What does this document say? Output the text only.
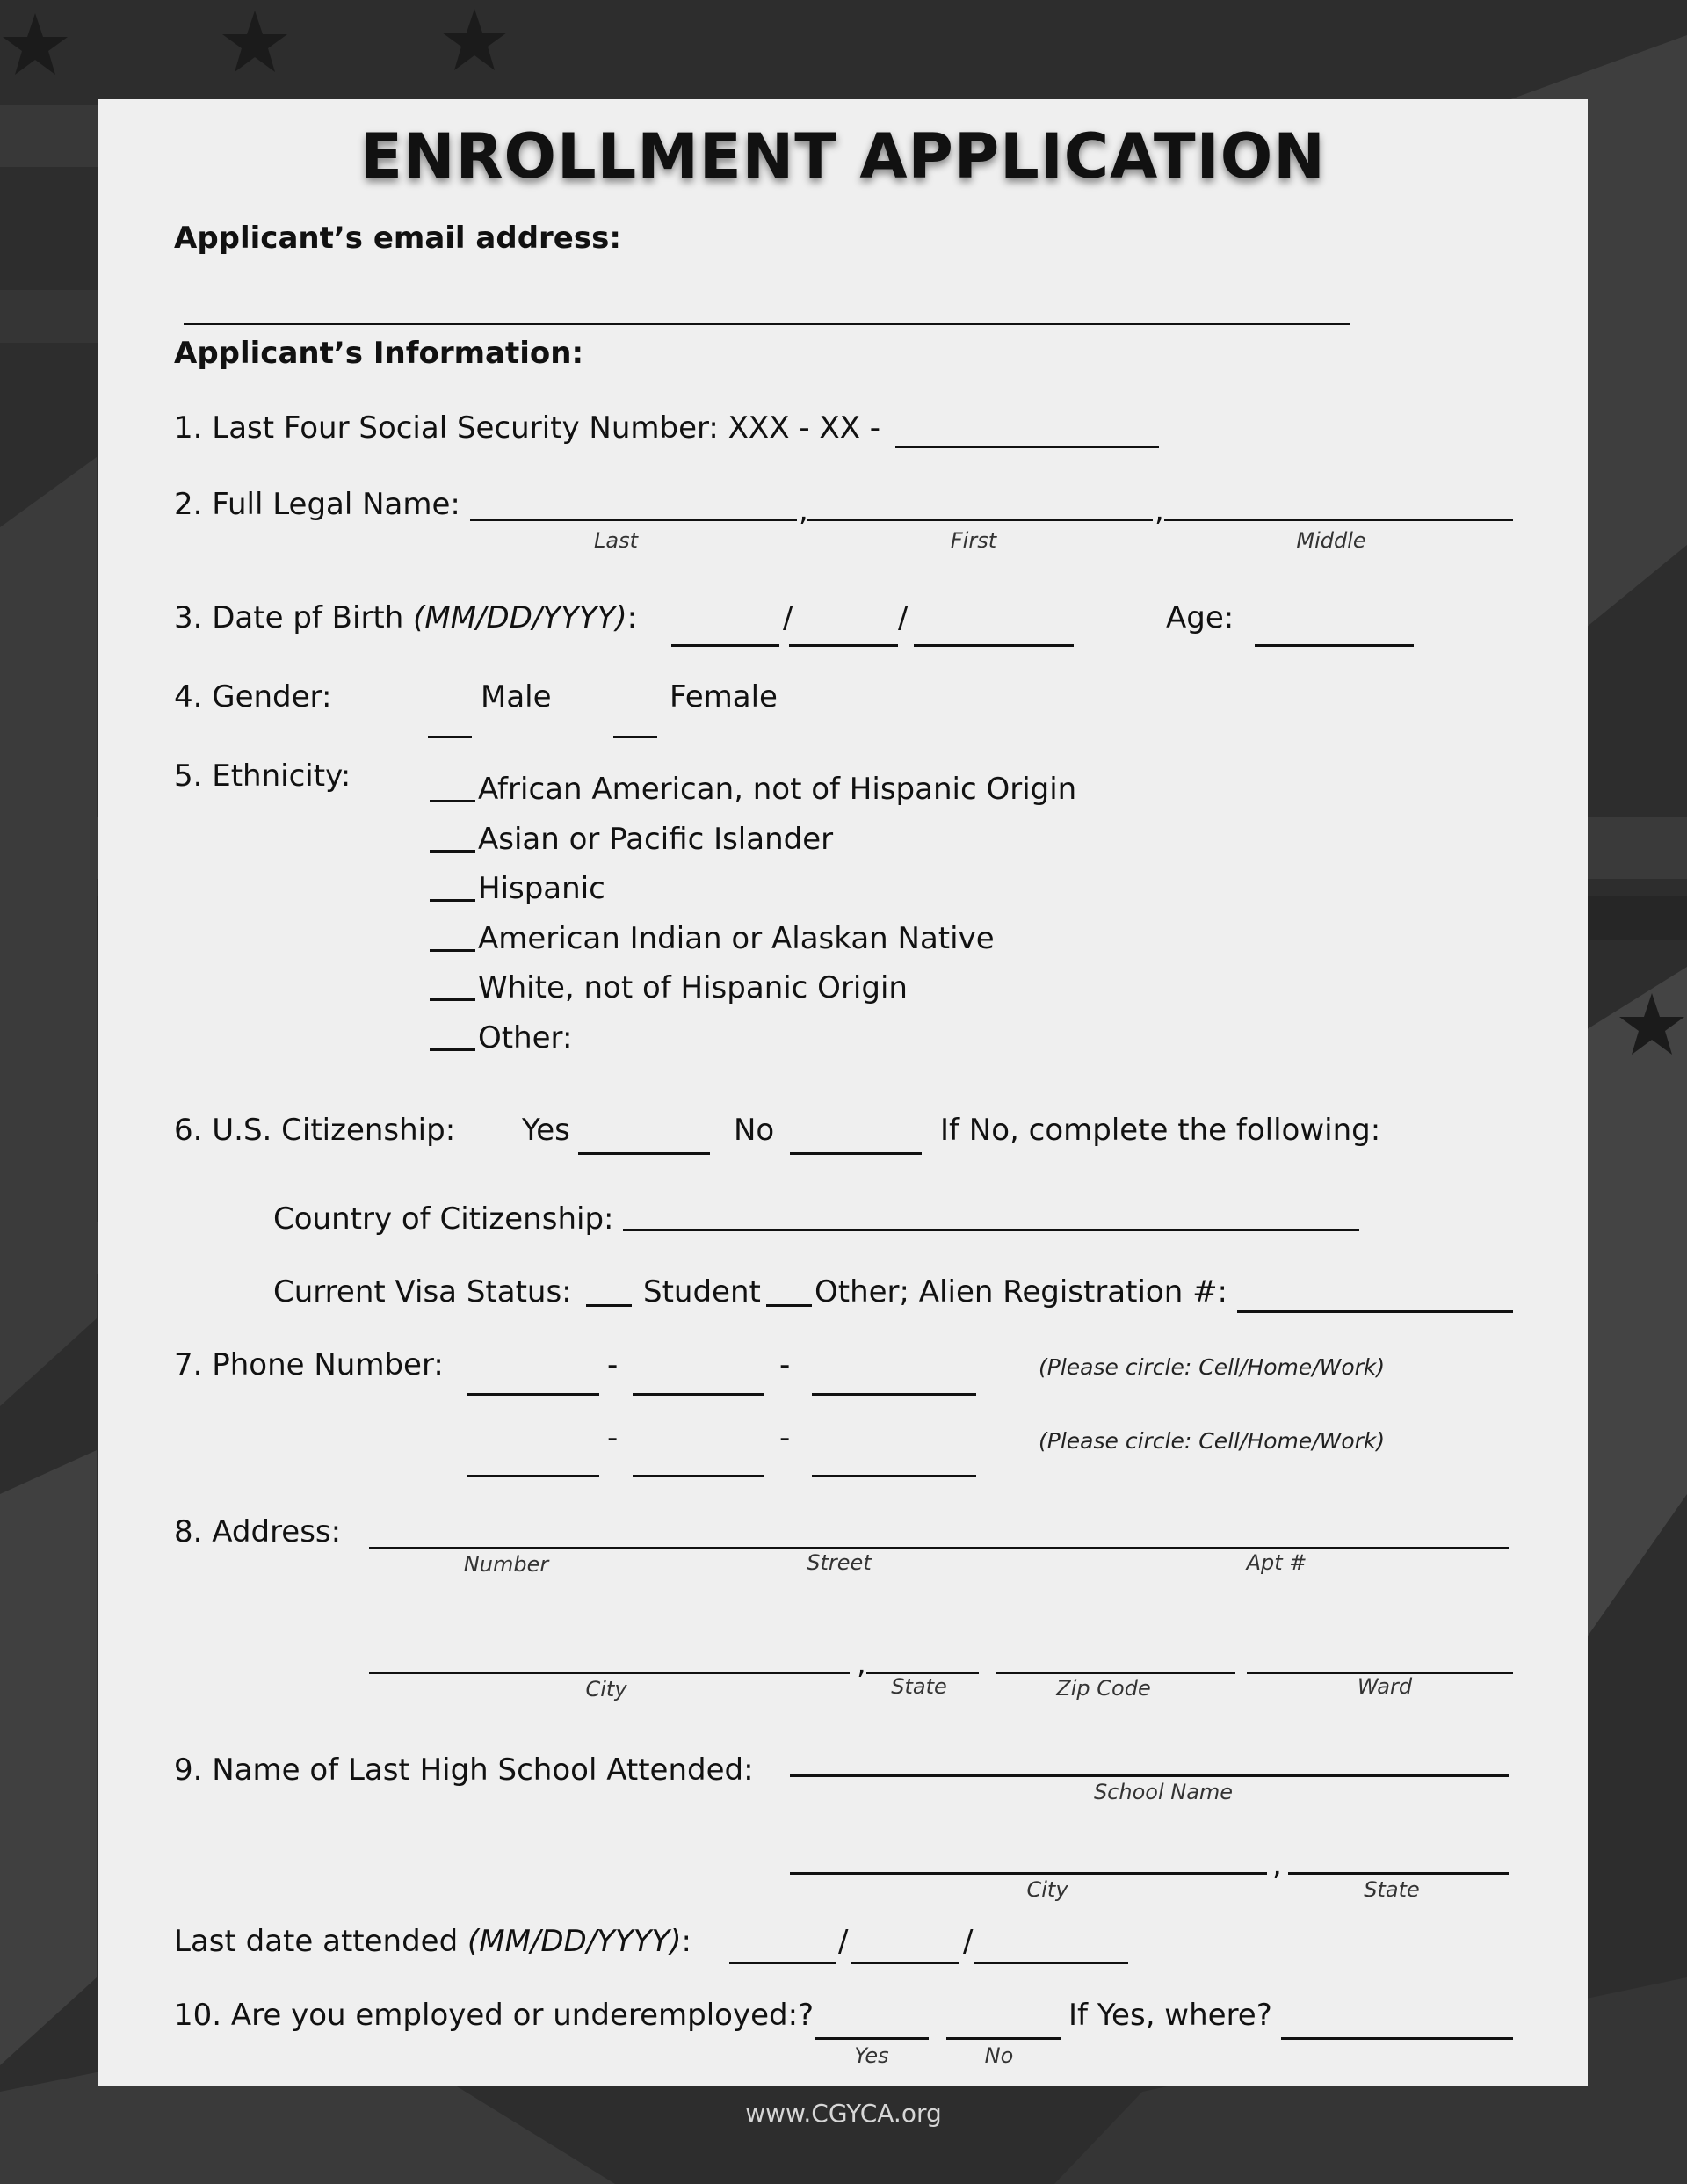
ENROLLMENT APPLICATION
Applicant’s email address:
Applicant’s Information:
1. Last Four Social Security Number: XXX - XX -
2. Full Legal Name:	,	,
Last	First	Middle
3. Date pf Birth (MM/DD/YYYY):	/	/	Age:
4. Gender:	Male	Female
5. Ethnicity:	African American, not of Hispanic Origin
Asian or Pacific Islander
Hispanic
American Indian or Alaskan Native
White, not of Hispanic Origin
Other:
6. U.S. Citizenship: Yes	No	If No, complete the following:
Country of Citizenship:
Current Visa Status: Student Other; Alien Registration #:
7. Phone Number:	-	-	(Please circle: Cell/Home/Work)
-	-	(Please circle: Cell/Home/Work)
8. Address:
Number	Street	Apt #
,
City	State	Zip Code	Ward
9. Name of Last High School Attended:
School Name
,
City	State
Last date attended (MM/DD/YYYY):	/	/
10. Are you employed or underemployed:?
Yes	No
If Yes, where?
www.CGYCA.org
